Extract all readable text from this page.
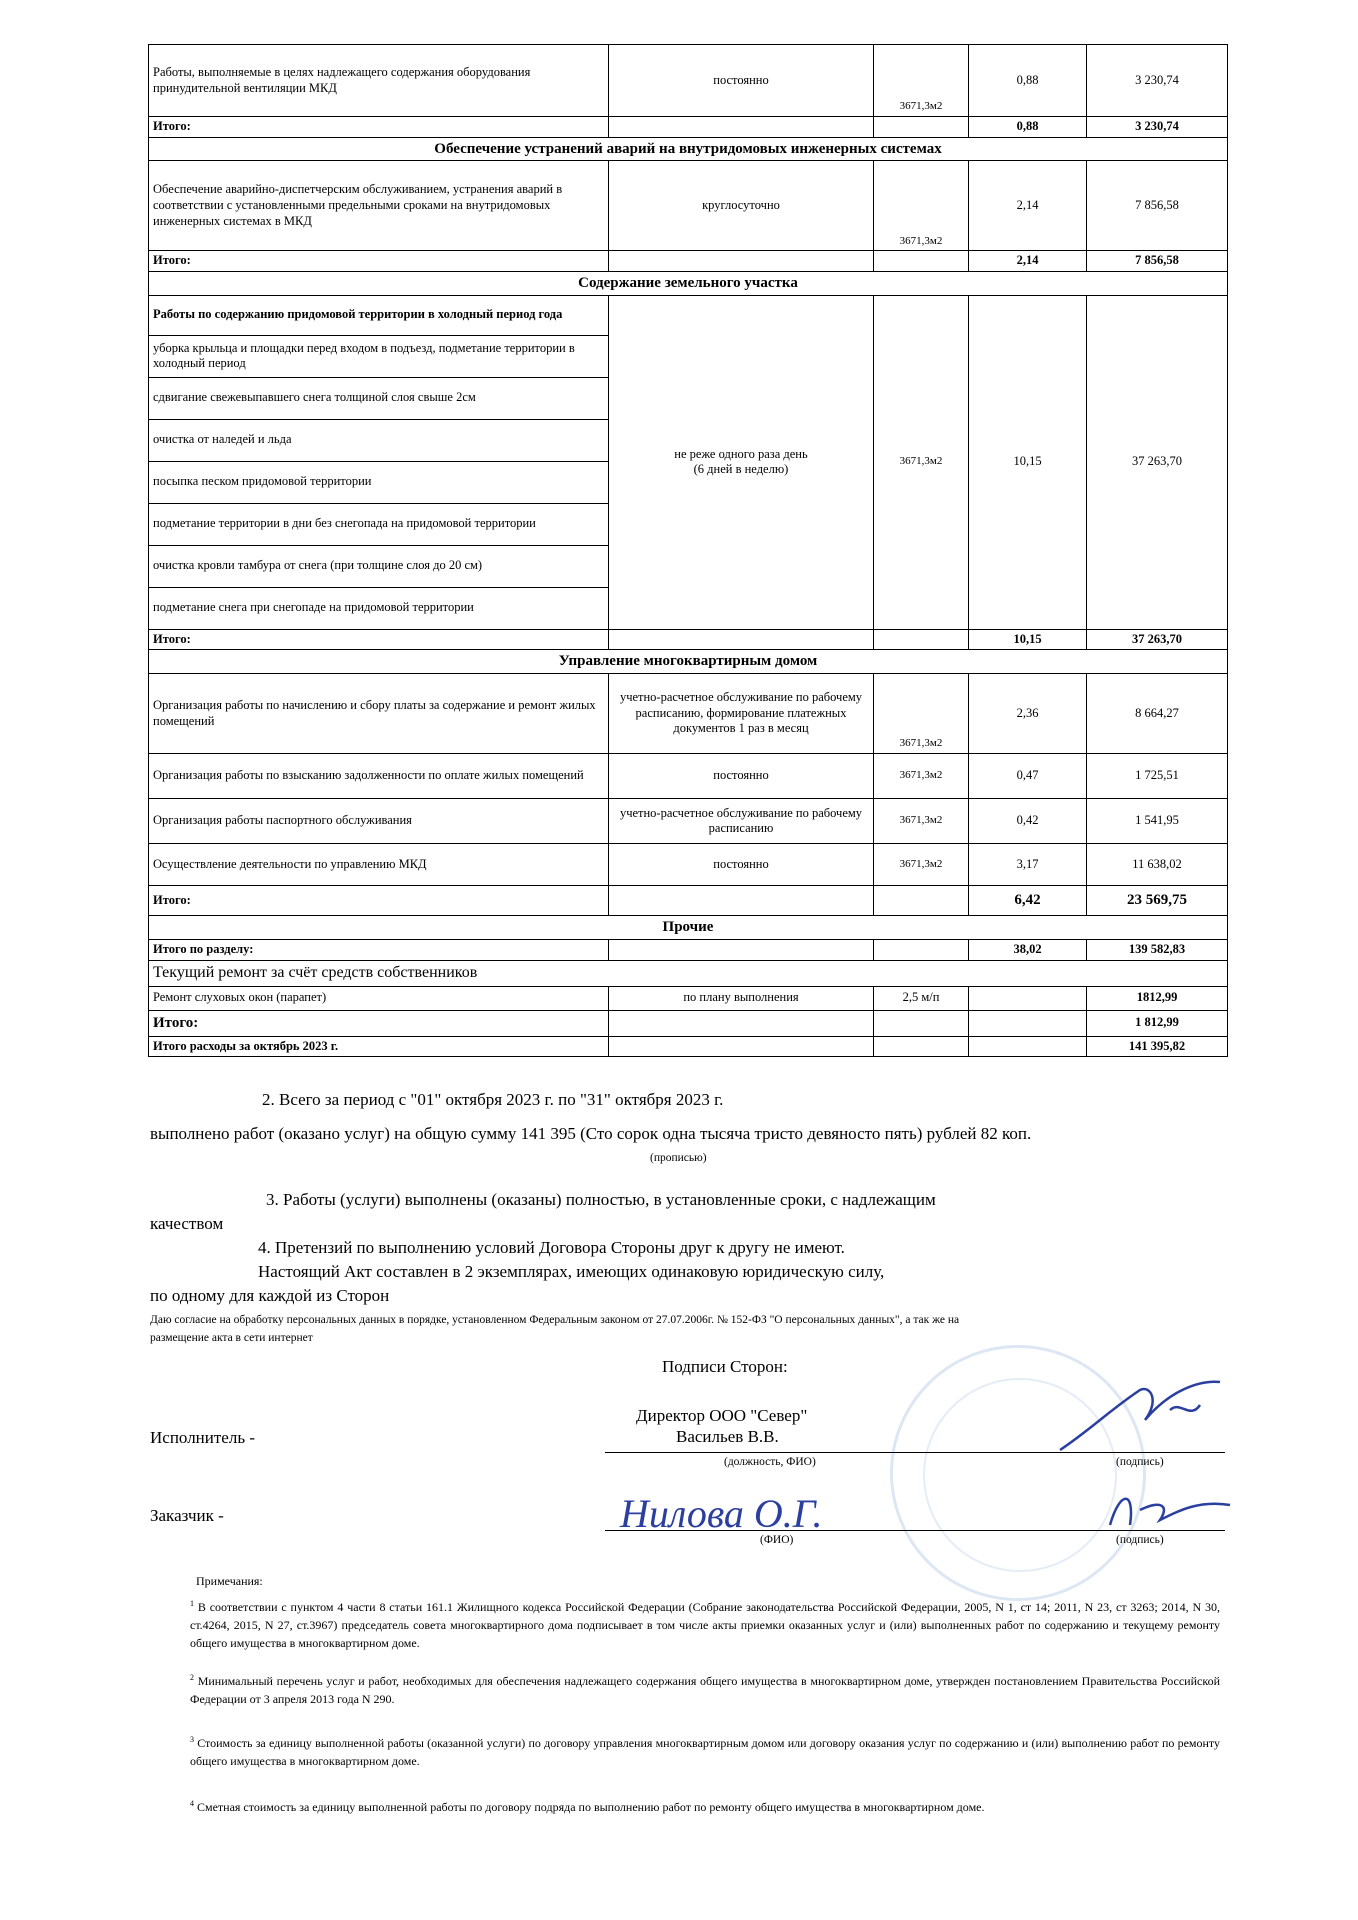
Работы, выполняемые в целях надлежащего содержания оборудования принудительной вентиляции МКД	постоянно	3671,3м2	0,88	3 230,74
Итого:			0,88	3 230,74
Обеспечение устранений аварий на внутридомовых инженерных системах				
Обеспечение аварийно-диспетчерским обслуживанием, устранения аварий в соответствии с установленными предельными сроками на внутридомовых инженерных системах в МКД	круглосуточно	3671,3м2	2,14	7 856,58
Итого:			2,14	7 856,58
Содержание земельного участка				
Работы по содержанию придомовой территории в холодный период года	не реже одного раза день
(6 дней в неделю)	3671,3м2	10,15	37 263,70
уборка крыльца и площадки перед входом в подъезд, подметание территории в холодный период				
сдвигание свежевыпавшего снега толщиной слоя свыше 2см				
очистка от наледей и льда				
посыпка песком придомовой территории				
подметание территории в дни без снегопада на придомовой территории				
очистка кровли тамбура от снега (при толщине слоя до 20 см)				
подметание снега при снегопаде на придомовой территории				
Итого:			10,15	37 263,70
Управление многоквартирным домом				
Организация работы по начислению и сбору платы за содержание и ремонт жилых помещений	учетно-расчетное обслуживание по рабочему расписанию, формирование платежных документов 1 раз в месяц	3671,3м2	2,36	8 664,27
Организация работы по взысканию задолженности по оплате жилых помещений	постоянно	3671,3м2	0,47	1 725,51
Организация работы паспортного обслуживания	учетно-расчетное обслуживание по рабочему расписанию	3671,3м2	0,42	1 541,95
Осуществление деятельности по управлению МКД	постоянно	3671,3м2	3,17	11 638,02
Итого:			6,42	23 569,75
Прочие				
Итого по разделу:			38,02	139 582,83
Текущий ремонт за счёт средств собственников				
Ремонт слуховых окон (парапет)	по плану выполнения	2,5 м/п		1812,99
Итого:				1 812,99
Итого расходы за октябрь 2023 г.				141 395,82
2. Всего за период с "01" октября 2023 г. по "31" октября 2023 г.
выполнено работ (оказано услуг) на общую сумму 141 395 (Сто сорок одна тысяча тристо девяносто пять) рублей 82 коп.
(прописью)
3. Работы (услуги) выполнены (оказаны) полностью, в установленные сроки, с надлежащим
качеством
4. Претензий по выполнению условий Договора Стороны друг к другу не имеют.
Настоящий Акт составлен в 2 экземплярах, имеющих одинаковую юридическую силу,
по одному для каждой из Сторон
Даю согласие на обработку персональных данных в порядке, установленном Федеральным законом от 27.07.2006г. № 152-ФЗ "О персональных данных", а так же на
размещение акта в сети интернет
Подписи Сторон:
Директор ООО "Север"
Исполнитель -	Васильев В.В.
(должность, ФИО)	(подпись)
Заказчик -	Нилова О.Г.
(ФИО)	(подпись)
Примечания:
$^1$ В соответствии с пунктом 4 части 8 статьи 161.1 Жилищного кодекса Российской Федерации (Собрание законодательства Российской Федерации, 2005, N 1, ст 14; 2011, N 23, ст 3263; 2014, N 30, ст.4264, 2015, N 27, ст.3967) председатель совета многоквартирного дома подписывает в том числе акты приемки оказанных услуг и (или) выполненных работ по содержанию и текущему ремонту общего имущества в многоквартирном доме.
$^2$ Минимальный перечень услуг и работ, необходимых для обеспечения надлежащего содержания общего имущества в многоквартирном доме, утвержден постановлением Правительства Российской Федерации от 3 апреля 2013 года N 290.
$^3$ Стоимость за единицу выполненной работы (оказанной услуги) по договору управления многоквартирным домом или договору оказания услуг по содержанию и (или) выполнению работ по ремонту общего имущества в многоквартирном доме.
$^4$ Сметная стоимость за единицу выполненной работы по договору подряда по выполнению работ по ремонту общего имущества в многоквартирном доме.
